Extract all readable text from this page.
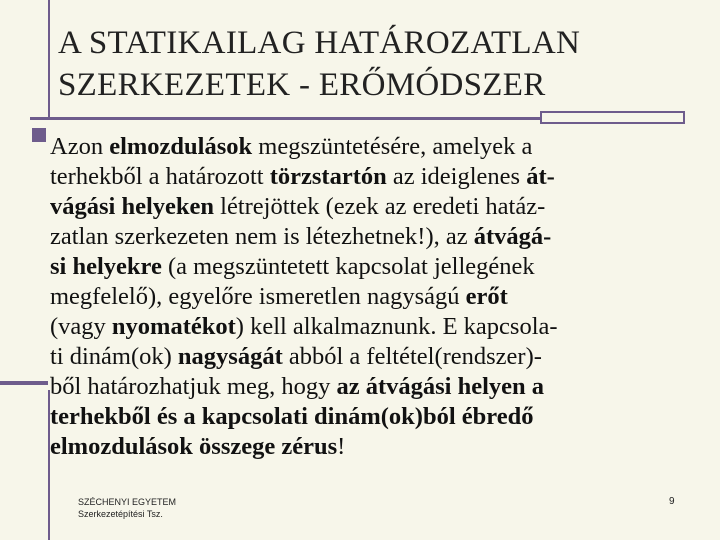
A STATIKAILAG HATÁROZATLAN
SZERKEZETEK - ERŐMÓDSZER
Azon elmozdulások megszüntetésére, amelyek a
terhekből a határozott törzstartón az ideiglenes át-
vágási helyeken létrejöttek (ezek az eredeti hatáz-
zatlan szerkezeten nem is létezhetnek!), az átvágá-
si helyekre (a megszüntetett kapcsolat jellegének
megfelelő), egyelőre ismeretlen nagyságú erőt
(vagy nyomatékot) kell alkalmaznunk. E kapcsola-
ti dinám(ok) nagyságát abból a feltétel(rendszer)-
ből határozhatjuk meg, hogy az átvágási helyen a
terhekből és a kapcsolati dinám(ok)ból ébredő
elmozdulások összege zérus!
SZÉCHENYI EGYETEM
Szerkezetépítési Tsz.
9
